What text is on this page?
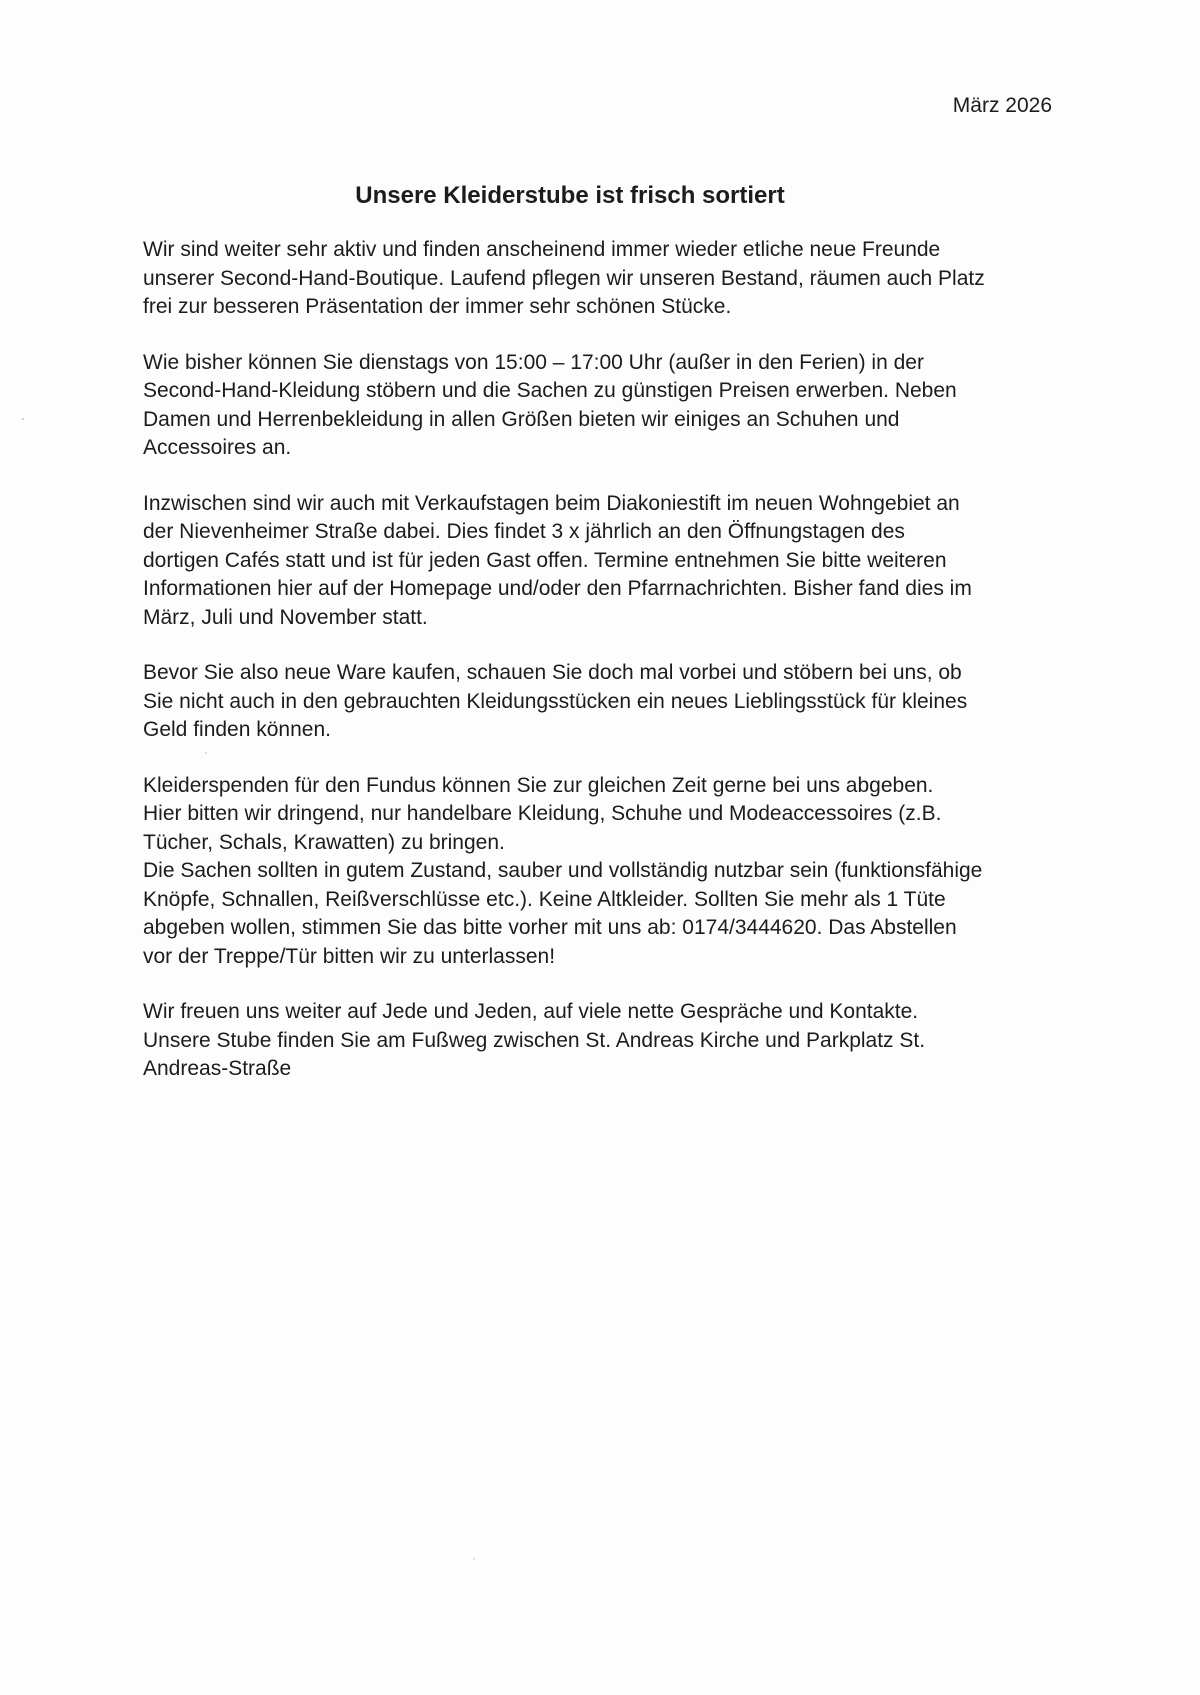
März 2026
Unsere Kleiderstube ist frisch sortiert
Wir sind weiter sehr aktiv und finden anscheinend immer wieder etliche neue Freunde
unserer Second-Hand-Boutique. Laufend pflegen wir unseren Bestand, räumen auch Platz
frei zur besseren Präsentation der immer sehr schönen Stücke.
Wie bisher können Sie dienstags von 15:00 – 17:00 Uhr (außer in den Ferien) in der
Second-Hand-Kleidung stöbern und die Sachen zu günstigen Preisen erwerben. Neben
Damen und Herrenbekleidung in allen Größen bieten wir einiges an Schuhen und
Accessoires an.
Inzwischen sind wir auch mit Verkaufstagen beim Diakoniestift im neuen Wohngebiet an
der Nievenheimer Straße dabei. Dies findet 3 x jährlich an den Öffnungstagen des
dortigen Cafés statt und ist für jeden Gast offen. Termine entnehmen Sie bitte weiteren
Informationen hier auf der Homepage und/oder den Pfarrnachrichten. Bisher fand dies im
März, Juli und November statt.
Bevor Sie also neue Ware kaufen, schauen Sie doch mal vorbei und stöbern bei uns, ob
Sie nicht auch in den gebrauchten Kleidungsstücken ein neues Lieblingsstück für kleines
Geld finden können.
Kleiderspenden für den Fundus können Sie zur gleichen Zeit gerne bei uns abgeben.
Hier bitten wir dringend, nur handelbare Kleidung, Schuhe und Modeaccessoires (z.B.
Tücher, Schals, Krawatten) zu bringen.
Die Sachen sollten in gutem Zustand, sauber und vollständig nutzbar sein (funktionsfähige
Knöpfe, Schnallen, Reißverschlüsse etc.). Keine Altkleider. Sollten Sie mehr als 1 Tüte
abgeben wollen, stimmen Sie das bitte vorher mit uns ab: 0174/3444620. Das Abstellen
vor der Treppe/Tür bitten wir zu unterlassen!
Wir freuen uns weiter auf Jede und Jeden, auf viele nette Gespräche und Kontakte.
Unsere Stube finden Sie am Fußweg zwischen St. Andreas Kirche und Parkplatz St.
Andreas-Straße
